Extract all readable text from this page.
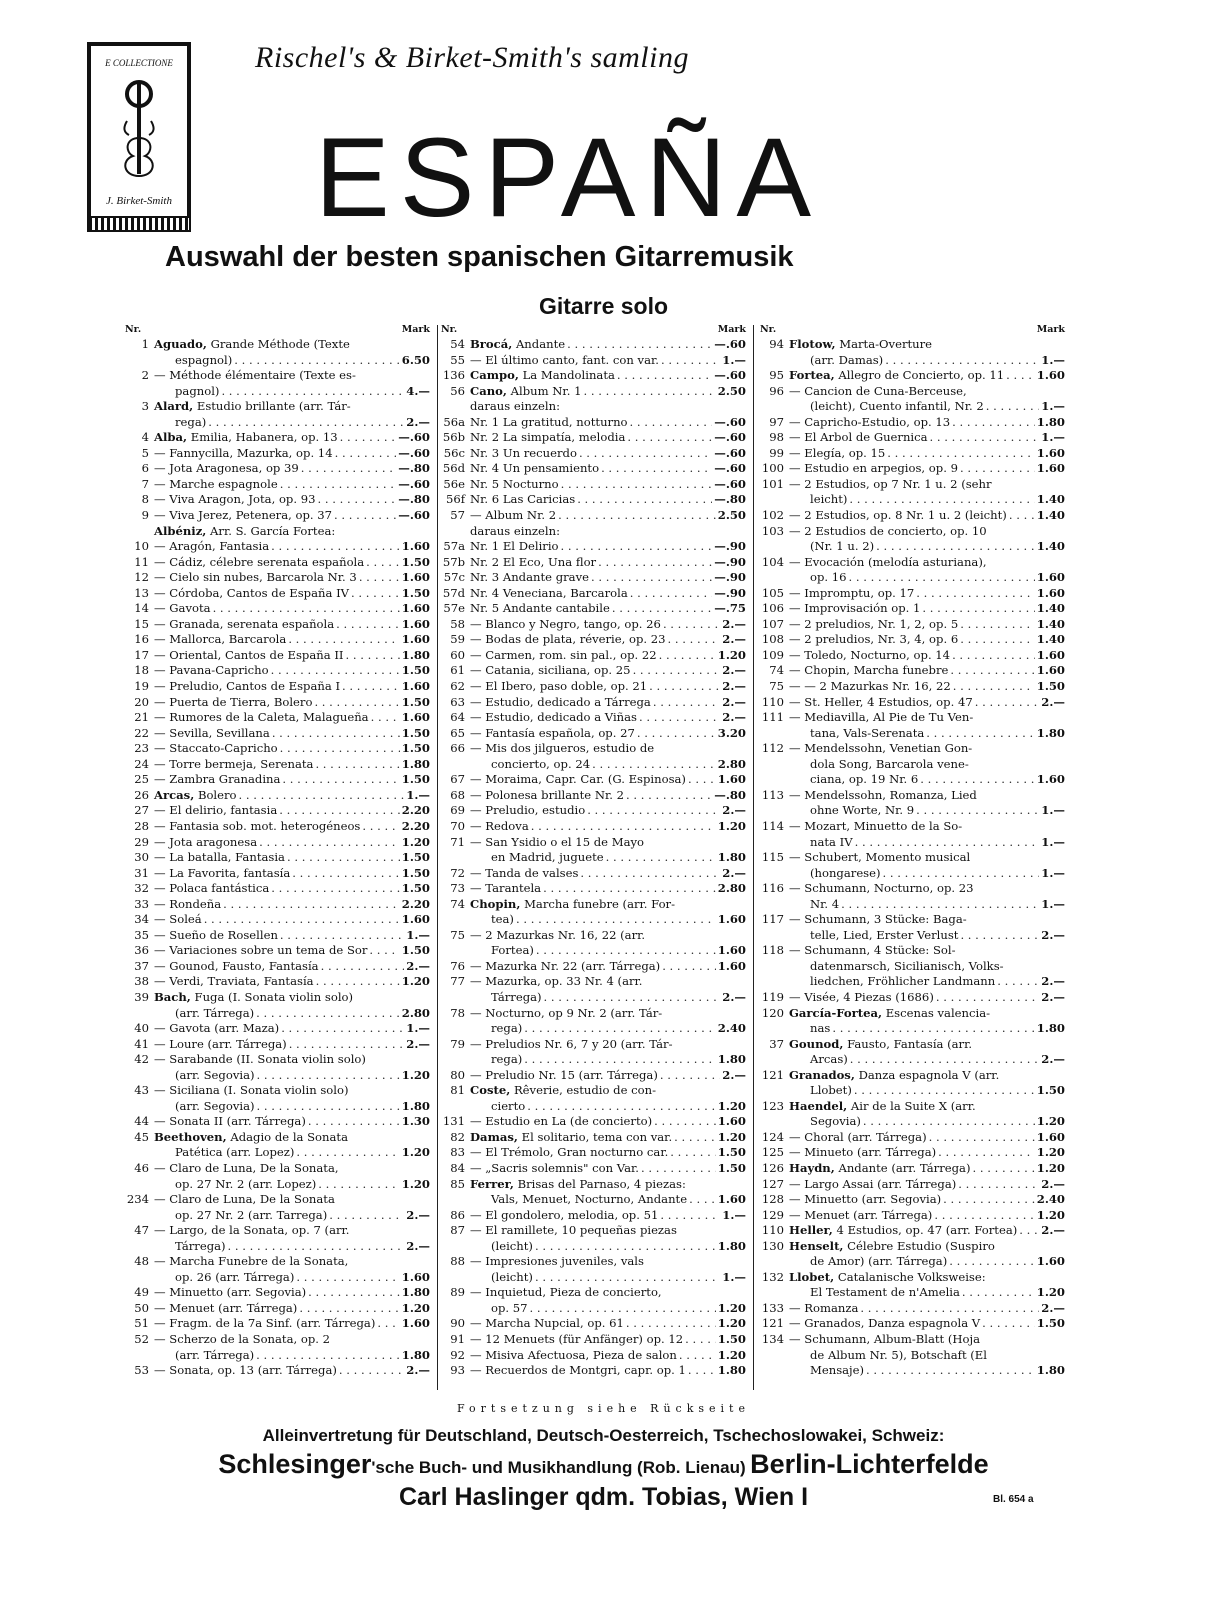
E COLLECTIONE
J. Birket-Smith
Rischel's & Birket-Smith's samling
ESPAÑA
Auswahl der besten spanischen Gitarremusik
Gitarre solo
Nr.	Mark
1 Aguado,
Grande Méthode (Texte
espagnol) . . .	6.50
2 — Méthode élémentaire (Texte es-
pagnol) . . .	4.—
3 Alard,
Estudio brillante (arr. Tár-
rega) . . .	2.—
4 Alba,
Emilia, Habanera, op. 13 . . .	—.60
5 — Fannycilla, Mazurka, op. 14 . . .	—.60
6 — Jota Aragonesa, op 39 . . .	—.80
7 — Marche espagnole . . .	—.60
8 — Viva Aragon, Jota, op. 93 . . .	—.80
9 — Viva Jerez, Petenera, op. 37 . . .	—.60
Albéniz,
Arr. S. García Fortea:
10 — Aragón, Fantasia . . .	1.60
11 — Cádiz, célebre serenata española . . .	1.50
12 — Cielo sin nubes, Barcarola Nr. 3 . . .	1.60
13 — Córdoba, Cantos de España IV . . .	1.50
14 — Gavota . . .	1.60
15 — Granada, serenata española . . .	1.60
16 — Mallorca, Barcarola . . .	1.60
17 — Oriental, Cantos de España II . . .	1.80
18 — Pavana-Capricho . . .	1.50
19 — Preludio, Cantos de España I . . .	1.60
20 — Puerta de Tierra, Bolero . . .	1.50
21 — Rumores de la Caleta, Malagueña . . .	1.60
22 — Sevilla, Sevillana . . .	1.50
23 — Staccato-Capricho . . .	1.50
24 — Torre bermeja, Serenata . . .	1.80
25 — Zambra Granadina . . .	1.50
26 Arcas,
Bolero . . .	1.—
27 — El delirio, fantasia . . .	2.20
28 — Fantasia sob. mot. heterogéneos . . .	2.20
29 — Jota aragonesa . . .	1.20
30 — La batalla, Fantasia . . .	1.50
31 — La Favorita, fantasía . . .	1.50
32 — Polaca fantástica . . .	1.50
33 — Rondeña . . .	2.20
34 — Soleá . . .	1.60
35 — Sueño de Rosellen . . .	1.—
36 — Variaciones sobre un tema de Sor . . .	1.50
37 — Gounod, Fausto, Fantasía . . .	2.—
38 — Verdi, Traviata, Fantasía . . .	1.20
39 Bach,
Fuga (I. Sonata violin solo)
(arr. Tárrega) . . .	2.80
40 — Gavota (arr. Maza) . . .	1.—
41 — Loure (arr. Tárrega) . . .	2.—
42 — Sarabande (II. Sonata violin solo)
(arr. Segovia) . . .	1.20
43 — Siciliana (I. Sonata violin solo)
(arr. Segovia) . . .	1.80
44 — Sonata II (arr. Tárrega) . . .	1.30
45 Beethoven,
Adagio de la Sonata
Patética (arr. Lopez) . . .	1.20
46 — Claro de Luna, De la Sonata,
op. 27 Nr. 2 (arr. Lopez) . . .	1.20
234 — Claro de Luna, De la Sonata
op. 27 Nr. 2 (arr. Tarrega) . . .	2.—
47 — Largo, de la Sonata, op. 7 (arr.
Tárrega) . . .	2.—
48 — Marcha Funebre de la Sonata,
op. 26 (arr. Tárrega) . . .	1.60
49 — Minuetto (arr. Segovia) . . .	1.80
50 — Menuet (arr. Tárrega) . . .	1.20
51 — Fragm. de la 7a Sinf. (arr. Tárrega) . . . 1.60
52 — Scherzo de la Sonata, op. 2
(arr. Tárrega) . . .	1.80
53 — Sonata, op. 13 (arr. Tárrega) . . .	2.—
Nr.	Mark
54 Brocá,
Andante . . .	—.60
55 — El último canto, fant. con var. . . .	1.—
136 Campo,
La Mandolinata . . .	—.60
56 Cano,
Album Nr. 1 . . .	2.50
daraus einzeln:
56a Nr. 1 La gratitud, notturno . . .	—.60
56b Nr. 2 La simpatía, melodia . . .	—.60
56c Nr. 3 Un recuerdo . . .	—.60
56d Nr. 4 Un pensamiento . . .	—.60
56e Nr. 5 Nocturno . . .	—.60
56f Nr. 6 Las Caricias . . .	—.80
57 — Album Nr. 2 . . .	2.50
daraus einzeln:
57a Nr. 1 El Delirio . . .	—.90
57b Nr. 2 El Eco, Una flor . . .	—.90
57c Nr. 3 Andante grave . . .	—.90
57d Nr. 4 Veneciana, Barcarola . . .	—.90
57e Nr. 5 Andante cantabile . . .	—.75
58 — Blanco y Negro, tango, op. 26 . . .	2.—
59 — Bodas de plata, réverie, op. 23 . . .	2.—
60 — Carmen, rom. sin pal., op. 22 . . .	1.20
61 — Catania, siciliana, op. 25 . . .	2.—
62 — El Ibero, paso doble, op. 21 . . .	2.—
63 — Estudio, dedicado a Tárrega . . .	2.—
64 — Estudio, dedicado a Viñas . . .	2.—
65 — Fantasía española, op. 27 . . .	3.20
66 — Mis dos jilgueros, estudio de
concierto, op. 24 . . .	2.80
67 — Moraima, Capr. Car. (G. Espinosa) . . .	1.60
68 — Polonesa brillante Nr. 2 . . .	—.80
69 — Preludio, estudio . . .	2.—
70 — Redova . . .	1.20
71 — San Ysidio o el 15 de Mayo
en Madrid, juguete . . .	1.80
72 — Tanda de valses . . .	2.—
73 — Tarantela . . .	2.80
74 Chopin,
Marcha funebre (arr. For-
tea) . . .	1.60
75 — 2 Mazurkas Nr. 16, 22 (arr.
Fortea) . . .	1.60
76 — Mazurka Nr. 22 (arr. Tárrega) . . .	1.60
77 — Mazurka, op. 33 Nr. 4 (arr.
Tárrega) . . .	2.—
78 — Nocturno, op 9 Nr. 2 (arr. Tár-
rega) . . .	2.40
79 — Preludios Nr. 6, 7 y 20 (arr. Tár-
rega) . . .	1.80
80 — Preludio Nr. 15 (arr. Tárrega) . . .	2.—
81 Coste,
Rêverie, estudio de con-
cierto . . .	1.20
131 — Estudio en La (de concierto) . . .	1.60
82 Damas,
El solitario, tema con var. . . .	1.20
83 — El Trémolo, Gran nocturno car. . . .	1.50
84 — „Sacris solemnis" con Var. . . .	1.50
85 Ferrer,
Brisas del Parnaso, 4 piezas:
Vals, Menuet, Nocturno, Andante . . .	1.60
86 — El gondolero, melodia, op. 51 . . .	1.—
87 — El ramillete, 10 pequeñas piezas
(leicht) . . .	1.80
88 — Impresiones juveniles, vals
(leicht) . . .	1.—
89 — Inquietud, Pieza de concierto,
op. 57 . . .	1.20
90 — Marcha Nupcial, op. 61 . . .	1.20
91 — 12 Menuets (für Anfänger) op. 12 . . .	1.50
92 — Misiva Afectuosa, Pieza de salon . . .	1.20
93 — Recuerdos de Montgri, capr. op. 1 . . .	1.80
Nr.	Mark
94 Flotow,
Marta-Overture
(arr. Damas) . . .	1.—
95 Fortea,
Allegro de Concierto, op. 11 . . .	1.60
96 — Cancion de Cuna-Berceuse,
(leicht), Cuento infantil, Nr. 2 . . .	1.—
97 — Capricho-Estudio, op. 13 . . .	1.80
98 — El Arbol de Guernica . . .	1.—
99 — Elegía, op. 15 . . .	1.60
100 — Estudio en arpegios, op. 9 . . .	1.60
101 — 2 Estudios, op 7 Nr. 1 u. 2 (sehr
leicht) . . .	1.40
102 — 2 Estudios, op. 8 Nr. 1 u. 2 (leicht) . . .	1.40
103 — 2 Estudios de concierto, op. 10
(Nr. 1 u. 2) . . .	1.40
104 — Evocación (melodía asturiana),
op. 16 . . .	1.60
105 — Impromptu, op. 17 . . .	1.60
106 — Improvisación op. 1 . . .	1.40
107 — 2 preludios, Nr. 1, 2, op. 5 . . .	1.40
108 — 2 preludios, Nr. 3, 4, op. 6 . . .	1.40
109 — Toledo, Nocturno, op. 14 . . .	1.60
74 — Chopin, Marcha funebre . . .	1.60
75 — — 2 Mazurkas Nr. 16, 22 . . .	1.50
110 — St. Heller, 4 Estudios, op. 47 . . .	2.—
111 — Mediavilla, Al Pie de Tu Ven-
tana, Vals-Serenata . . .	1.80
112 — Mendelssohn, Venetian Gon-
dola Song, Barcarola vene-
ciana, op. 19 Nr. 6 . . .	1.60
113 — Mendelssohn, Romanza, Lied
ohne Worte, Nr. 9 . . .	1.—
114 — Mozart, Minuetto de la So-
nata IV . . .	1.—
115 — Schubert, Momento musical
(hongarese) . . .	1.—
116 — Schumann, Nocturno, op. 23
Nr. 4 . . .	1.—
117 — Schumann, 3 Stücke: Baga-
telle, Lied, Erster Verlust . . .	2.—
118 — Schumann, 4 Stücke: Sol-
datenmarsch, Sicilianisch, Volks-
liedchen, Fröhlicher Landmann . . .	2.—
119 — Visée, 4 Piezas (1686) . . .	2.—
120 García-Fortea,
Escenas valencia-
nas . . .	1.80
37 Gounod,
Fausto, Fantasía (arr.
Arcas) . . .	2.—
121 Granados,
Danza espagnola V (arr.
Llobet) . . .	1.50
123 Haendel,
Air de la Suite X (arr.
Segovia) . . .	1.20
124 — Choral (arr. Tárrega) . . .	1.60
125 — Minueto (arr. Tárrega) . . .	1.20
126 Haydn,
Andante (arr. Tárrega) . . .	1.20
127 — Largo Assai (arr. Tárrega) . . .	2.—
128 — Minuetto (arr. Segovia) . . .	2.40
129 — Menuet (arr. Tárrega) . . .	1.20
110 Heller,
4 Estudios, op. 47 (arr. Fortea) . . . 2.—
130 Henselt,
Célebre Estudio (Suspiro
de Amor) (arr. Tárrega) . . .	1.60
132 Llobet,
Catalanische Volksweise:
El Testament de n'Amelia . . .	1.20
133 — Romanza . . .	2.—
121 — Granados, Danza espagnola V . . .	1.50
134 — Schumann, Album-Blatt (Hoja
de Album Nr. 5), Botschaft (El
Mensaje) . . .	1.80
Fortsetzung siehe Rückseite
Alleinvertretung für Deutschland, Deutsch-Oesterreich, Tschechoslowakei, Schweiz:
Schlesinger'sche Buch- und Musikhandlung (Rob. Lienau) Berlin-Lichterfelde
Carl Haslinger qdm. Tobias, Wien I	Bl. 654 a
